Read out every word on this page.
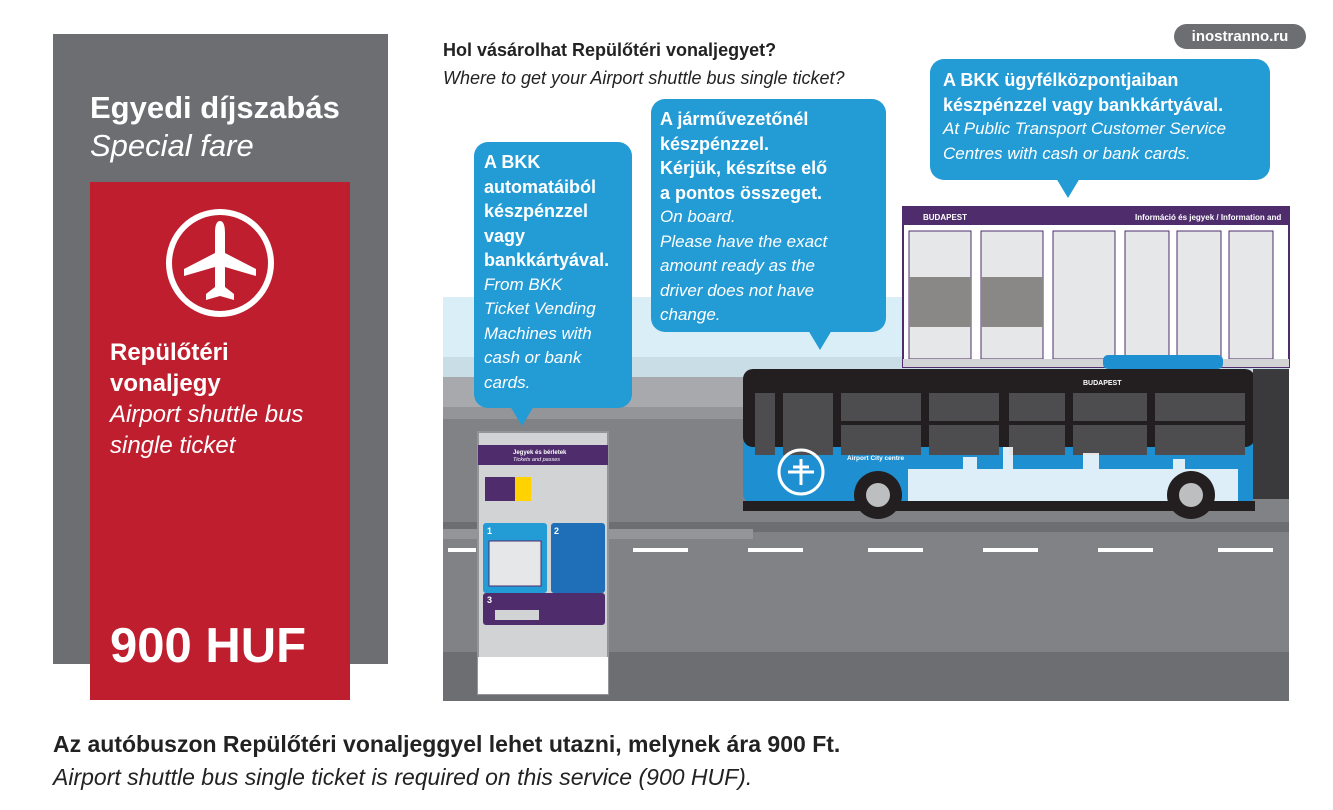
Egyedi díjszabás
Special fare
Repülőtéri
vonaljegy
Airport shuttle bus
single ticket
900 HUF
inostranno.ru
Hol vásárolhat Repülőtéri vonaljegyet?
Where to get your Airport shuttle bus single ticket?
BUDAPEST	Információ és jegyek / Information and
Jegyek és bérletek
Tickets and passes
1	2
3
BUDAPEST
Airport City centre
A BKK
automatáiból
készpénzzel
vagy
bankkártyával.
From BKK
Ticket Vending
Machines with
cash or bank
cards.
A járművezetőnél
készpénzzel.
Kérjük, készítse elő
a pontos összeget.
On board.
Please have the exact
amount ready as the
driver does not have
change.
A BKK ügyfélközpontjaiban
készpénzzel vagy bankkártyával.
At Public Transport Customer Service
Centres with cash or bank cards.
Az autóbuszon Repülőtéri vonaljeggyel lehet utazni, melynek ára 900 Ft.
Airport shuttle bus single ticket is required on this service (900 HUF).
